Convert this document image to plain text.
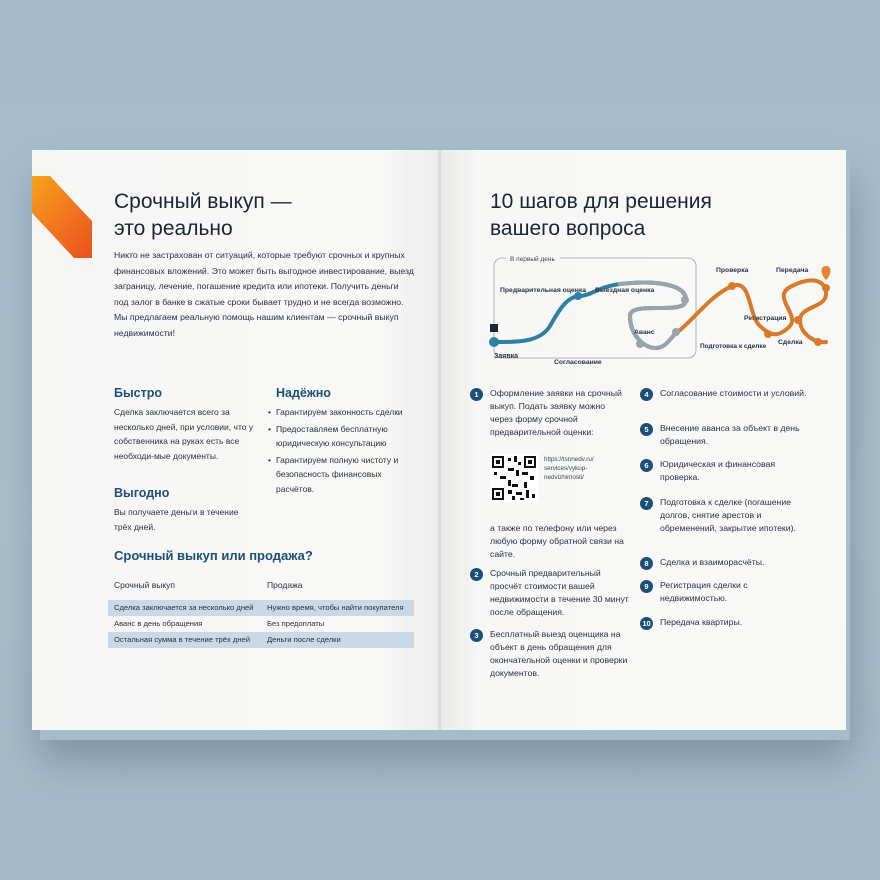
Срочный выкуп —
это реально
Никто не застрахован от ситуаций, которые требуют срочных и крупных финансовых вложений. Это может быть выгодное инвестирование, выезд заграницу, лечение, погашение кредита или ипотеки. Получить деньги под залог в банке в сжатые сроки бывает трудно и не всегда возможно. Мы предлагаем реальную помощь нашим клиентам — срочный выкуп недвижимости!
Быстро
Сделка заключается всего за несколько дней, при условии, что у собственника на руках есть все необходи-мые документы.
Выгодно
Вы получаете деньги в течение трёх дней.
Надёжно
• Гарантируем законность сделки
• Предоставляем бесплатную юридическую консультацию
• Гарантируем полную чистоту и безопасность финансовых расчётов.
Срочный выкуп или продажа?
Срочный выкуп	Продажа
Сделка заключается за несколько дней	Нужно время, чтобы найти покупателя
Аванс в день обращения	Без предоплаты
Остальная сумма в течение трёх дней	Деньги после сделки
10 шагов для решения
вашего вопроса
В первый день
Заявка
Предварительная оценка Выездная оценка
Аванс
Согласование
Проверка
Подготовка к сделке
Регистрация
Сделка
Передача
1	Оформление заявки на срочный выкуп. Подать заявку можно через форму срочной предварительной оценки:
https://tsnnedv.ru/ services/vykup- nedvizhimosti/
а также по телефону или через любую форму обратной связи на сайте.
2	Срочный предварительный просчёт стоимости вашей недвижимости в течение 30 минут после обращения.
3	Бесплатный выезд оценщика на объект в день обращения для окончательной оценки и проверки документов.
4	Согласование стоимости и условий.
5	Внесение аванса за объект в день обращения.
6	Юридическая и финансовая проверка.
7	Подготовка к сделке (погашение долгов, снятие арестов и обременений, закрытие ипотеки).
8	Сделка и взаиморасчёты.
9	Регистрация сделки с недвижимостью.
10 Передача квартиры.
